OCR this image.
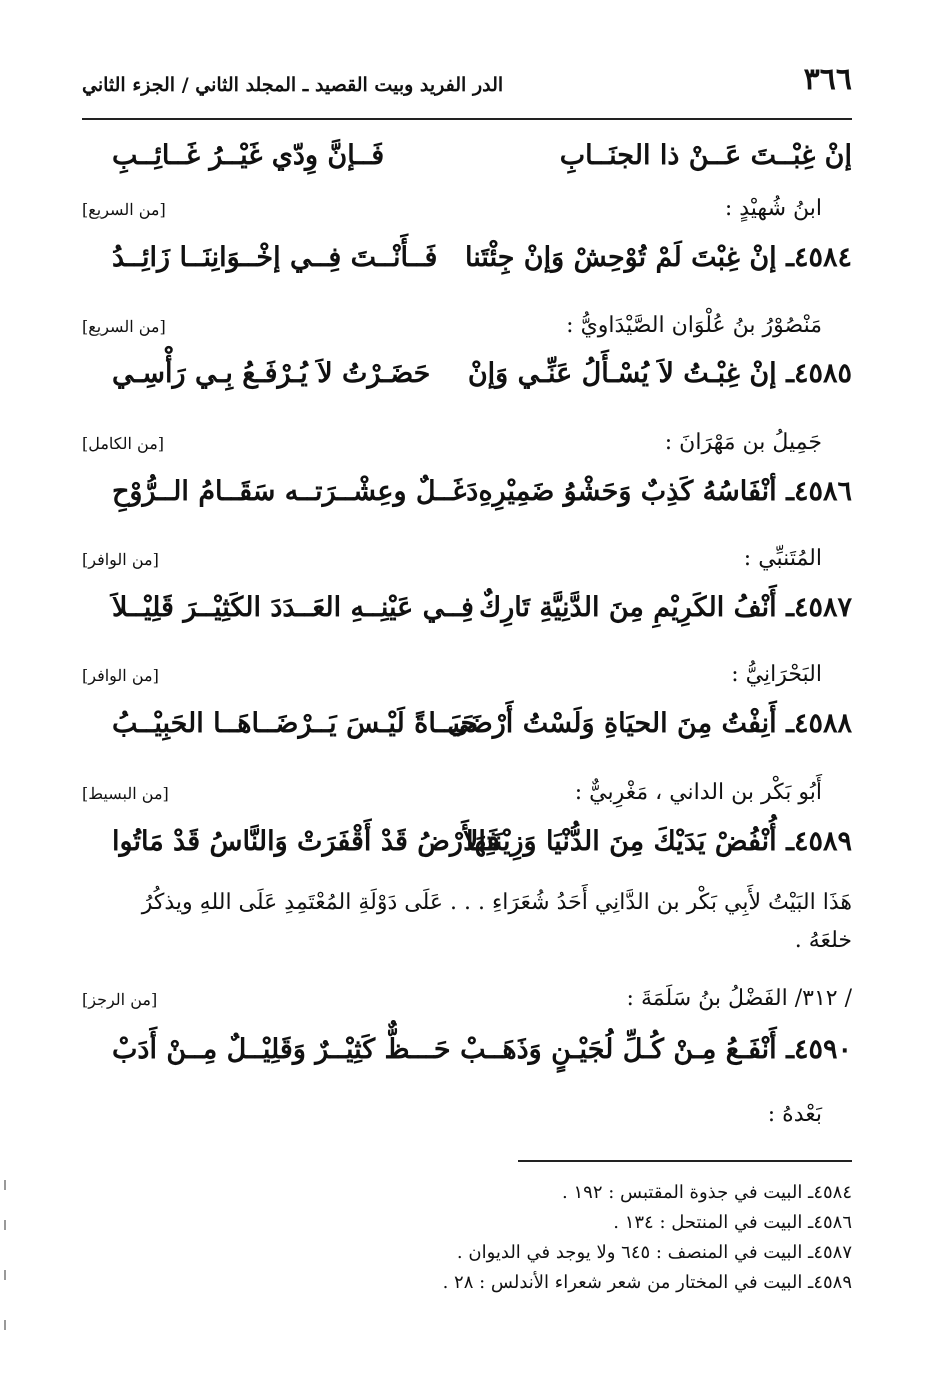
٣٦٦
الدر الفريد وبيت القصيد ـ المجلد الثاني / الجزء الثاني
إنْ غِبْــتَ عَــنْ ذا الجنَــابِ
فَــإنَّ وِدّي غَيْــرُ غَــائِــبِ
ابنُ شُهيْدٍ :
[من السريع]
٤٥٨٤ـ إنْ غِبْتَ لَمْ تُوْحِشْ وَإنْ جِئْتَنا
فَــأَنْــتَ فِــي إخْــوَانِنَــا زَائِــدُ
مَنْصُوْرُ بنُ عُلْوَان الصَّيْدَاويُّ :
[من السريع]
٤٥٨٥ـ إنْ غِبْـتُ لاَ يُسْـأَلُ عَنِّـي وَإنْ
حَضَـرْتُ لاَ يُـرْفَـعُ بِـي رَأْسِـي
جَمِيلُ بن مَهْرَانَ :
[من الكامل]
٤٥٨٦ـ أنْفَاسُهُ كَذِبٌ وَحَشْوُ ضَمِيْرِهِ
دَغَــلٌ وعِشْــرَتــه سَقَــامُ الــرُّوْحِ
المُتَنبِّي :
[من الوافر]
٤٥٨٧ـ أَنْفُ الكَرِيْمِ مِنَ الدَّنِيَّةِ تَارِكٌ
فِــي عَيْنِــهِ العَــدَدَ الكَثِيْــرَ قَلِيْــلاَ
البَحْرَانِيُّ :
[من الوافر]
٤٥٨٨ـ أَنِفْتُ مِنَ الحيَاةِ وَلَسْتُ أَرْضَى
حَيَــاةً لَيْـسَ يَــرْضَــاهَــا الحَبِيْــبُ
أَبُو بَكْر بن الداني ، مَغْرِبيٌّ :
[من البسيط]
٤٥٨٩ـ أُنْفُضْ يَدَيْكَ مِنَ الدُّنْيَا وَزِيْنَتِهَا
فَالأَرْضُ قَدْ أَقْفَرَتْ وَالنَّاسُ قَدْ مَاتُوا
هَذَا البَيْتُ لأَبِي بَكْر بن الدَّانِي أَحَدُ شُعَرَاءِ . . . عَلَى دَوْلَةِ المُعْتَمِدِ عَلَى اللهِ ويذكُرُ
خلعَهُ .
/ ٣١٢/ الفَضْلُ بنُ سَلَمَةَ :
[من الرجز]
٤٥٩٠ـ أَنْفَـعُ مِـنْ كُـلِّ لُجَيْـنٍ وَذَهَــبْ
حَـــظٌّ كَثِيْــرٌ وَقَلِيْــلٌ مِــنْ أَدَبْ
بَعْدهُ :
٤٥٨٤ـ البيت في جذوة المقتبس : ١٩٢ .
٤٥٨٦ـ البيت في المنتحل : ١٣٤ .
٤٥٨٧ـ البيت في المنصف : ٦٤٥ ولا يوجد في الديوان .
٤٥٨٩ـ البيت في المختار من شعر شعراء الأندلس : ٢٨ .
